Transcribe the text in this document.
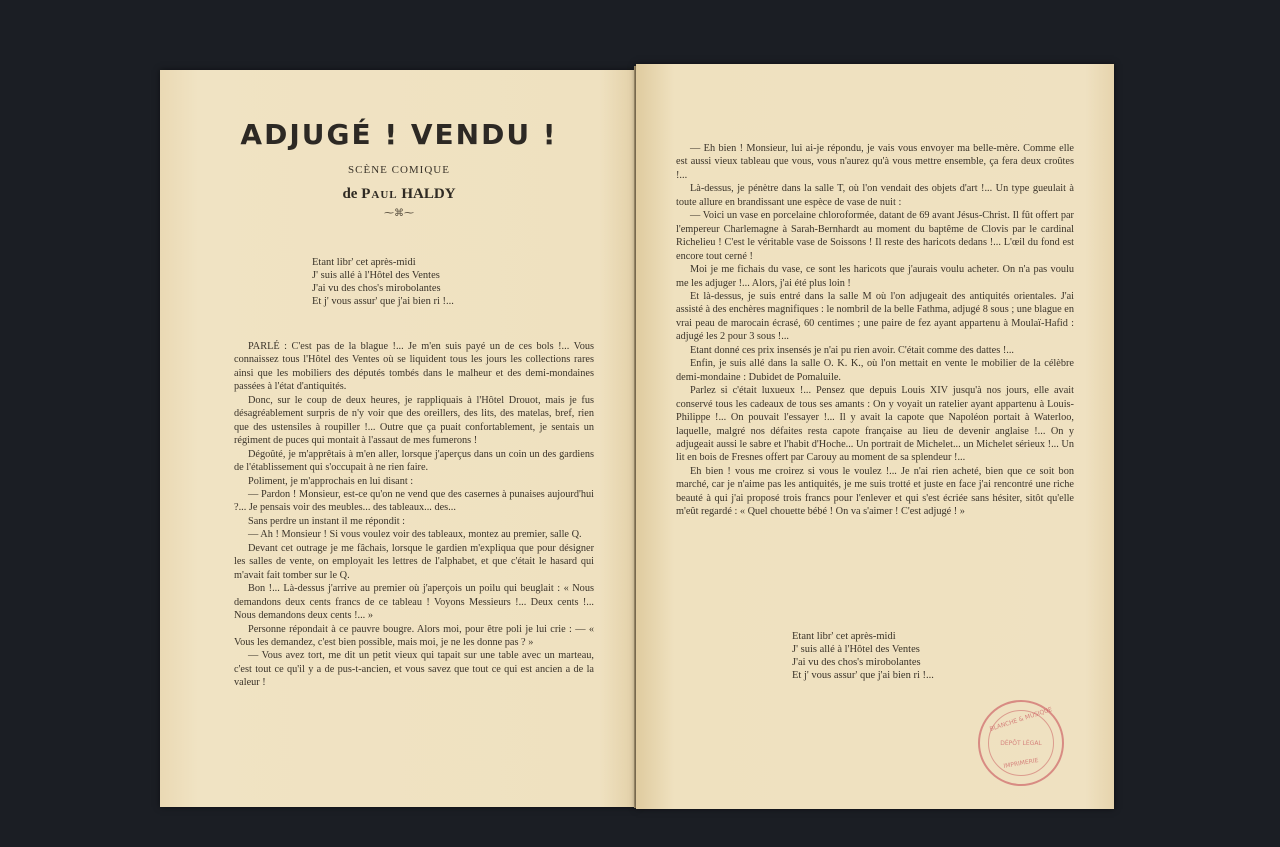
ADJUGÉ ! VENDU !
SCÈNE COMIQUE
de Paul HALDY
⁓⌘⁓
Etant libr' cet après-midi
J' suis allé à l'Hôtel des Ventes
J'ai vu des chos's mirobolantes
Et j' vous assur' que j'ai bien ri !...

PARLÉ : C'est pas de la blague !... Je m'en suis payé un de ces bols !... Vous connaissez tous l'Hôtel des Ventes où se liquident tous les jours les collections rares ainsi que les mobiliers des députés tombés dans le malheur et des demi-mondaines passées à l'état d'antiquités.

Donc, sur le coup de deux heures, je rappliquais à l'Hôtel Drouot, mais je fus désagréablement surpris de n'y voir que des oreillers, des lits, des matelas, bref, rien que des ustensiles à roupiller !... Outre que ça puait confortablement, je sentais un régiment de puces qui montait à l'assaut de mes fumerons !

Dégoûté, je m'apprêtais à m'en aller, lorsque j'aperçus dans un coin un des gardiens de l'établissement qui s'occupait à ne rien faire.

Poliment, je m'approchais en lui disant :

— Pardon ! Monsieur, est-ce qu'on ne vend que des casernes à punaises aujourd'hui ?... Je pensais voir des meubles... des tableaux... des...

Sans perdre un instant il me répondit :

— Ah ! Monsieur ! Si vous voulez voir des tableaux, montez au premier, salle Q.

Devant cet outrage je me fâchais, lorsque le gardien m'expliqua que pour désigner les salles de vente, on employait les lettres de l'alphabet, et que c'était le hasard qui m'avait fait tomber sur le Q.

Bon !... Là-dessus j'arrive au premier où j'aperçois un poilu qui beuglait : « Nous demandons deux cents francs de ce tableau ! Voyons Messieurs !... Deux cents !... Nous demandons deux cents !... »

Personne répondait à ce pauvre bougre. Alors moi, pour être poli je lui crie : — « Vous les demandez, c'est bien possible, mais moi, je ne les donne pas ? »

— Vous avez tort, me dit un petit vieux qui tapait sur une table avec un marteau, c'est tout ce qu'il y a de pus-t-ancien, et vous savez que tout ce qui est ancien a de la valeur !

— Eh bien ! Monsieur, lui ai-je répondu, je vais vous envoyer ma belle-mère. Comme elle est aussi vieux tableau que vous, vous n'aurez qu'à vous mettre ensemble, ça fera deux croûtes !...

Là-dessus, je pénètre dans la salle T, où l'on vendait des objets d'art !... Un type gueulait à toute allure en brandissant une espèce de vase de nuit :

— Voici un vase en porcelaine chloroformée, datant de 69 avant Jésus-Christ. Il fût offert par l'empereur Charlemagne à Sarah-Bernhardt au moment du baptême de Clovis par le cardinal Richelieu ! C'est le véritable vase de Soissons ! Il reste des haricots dedans !... L'œil du fond est encore tout cerné !

Moi je me fichais du vase, ce sont les haricots que j'aurais voulu acheter. On n'a pas voulu me les adjuger !... Alors, j'ai été plus loin !

Et là-dessus, je suis entré dans la salle M où l'on adjugeait des antiquités orientales. J'ai assisté à des enchères magnifiques : le nombril de la belle Fathma, adjugé 8 sous ; une blague en vrai peau de marocain écrasé, 60 centimes ; une paire de fez ayant appartenu à Moulaï-Hafid : adjugé les 2 pour 3 sous !...

Etant donné ces prix insensés je n'ai pu rien avoir. C'était comme des dattes !...

Enfin, je suis allé dans la salle O. K. K., où l'on mettait en vente le mobilier de la célèbre demi-mondaine : Dubidet de Pomaluile.

Parlez si c'était luxueux !... Pensez que depuis Louis XIV jusqu'à nos jours, elle avait conservé tous les cadeaux de tous ses amants : On y voyait un ratelier ayant appartenu à Louis-Philippe !... On pouvait l'essayer !... Il y avait la capote que Napoléon portait à Waterloo, laquelle, malgré nos défaites resta capote française au lieu de devenir anglaise !... On y adjugeait aussi le sabre et l'habit d'Hoche... Un portrait de Michelet... un Michelet sérieux !... Un lit en bois de Fresnes offert par Carouy au moment de sa splendeur !...

Eh bien ! vous me croirez si vous le voulez !... Je n'ai rien acheté, bien que ce soit bon marché, car je n'aime pas les antiquités, je me suis trotté et juste en face j'ai rencontré une riche beauté à qui j'ai proposé trois francs pour l'enlever et qui s'est écriée sans hésiter, sitôt qu'elle m'eût regardé : « Quel chouette bébé ! On va s'aimer ! C'est adjugé ! »

Etant libr' cet après-midi
J' suis allé à l'Hôtel des Ventes
J'ai vu des chos's mirobolantes
Et j' vous assur' que j'ai bien ri !...
BLANCHE & MUSIQUE
DÉPÔT LÉGAL
IMPRIMERIE
